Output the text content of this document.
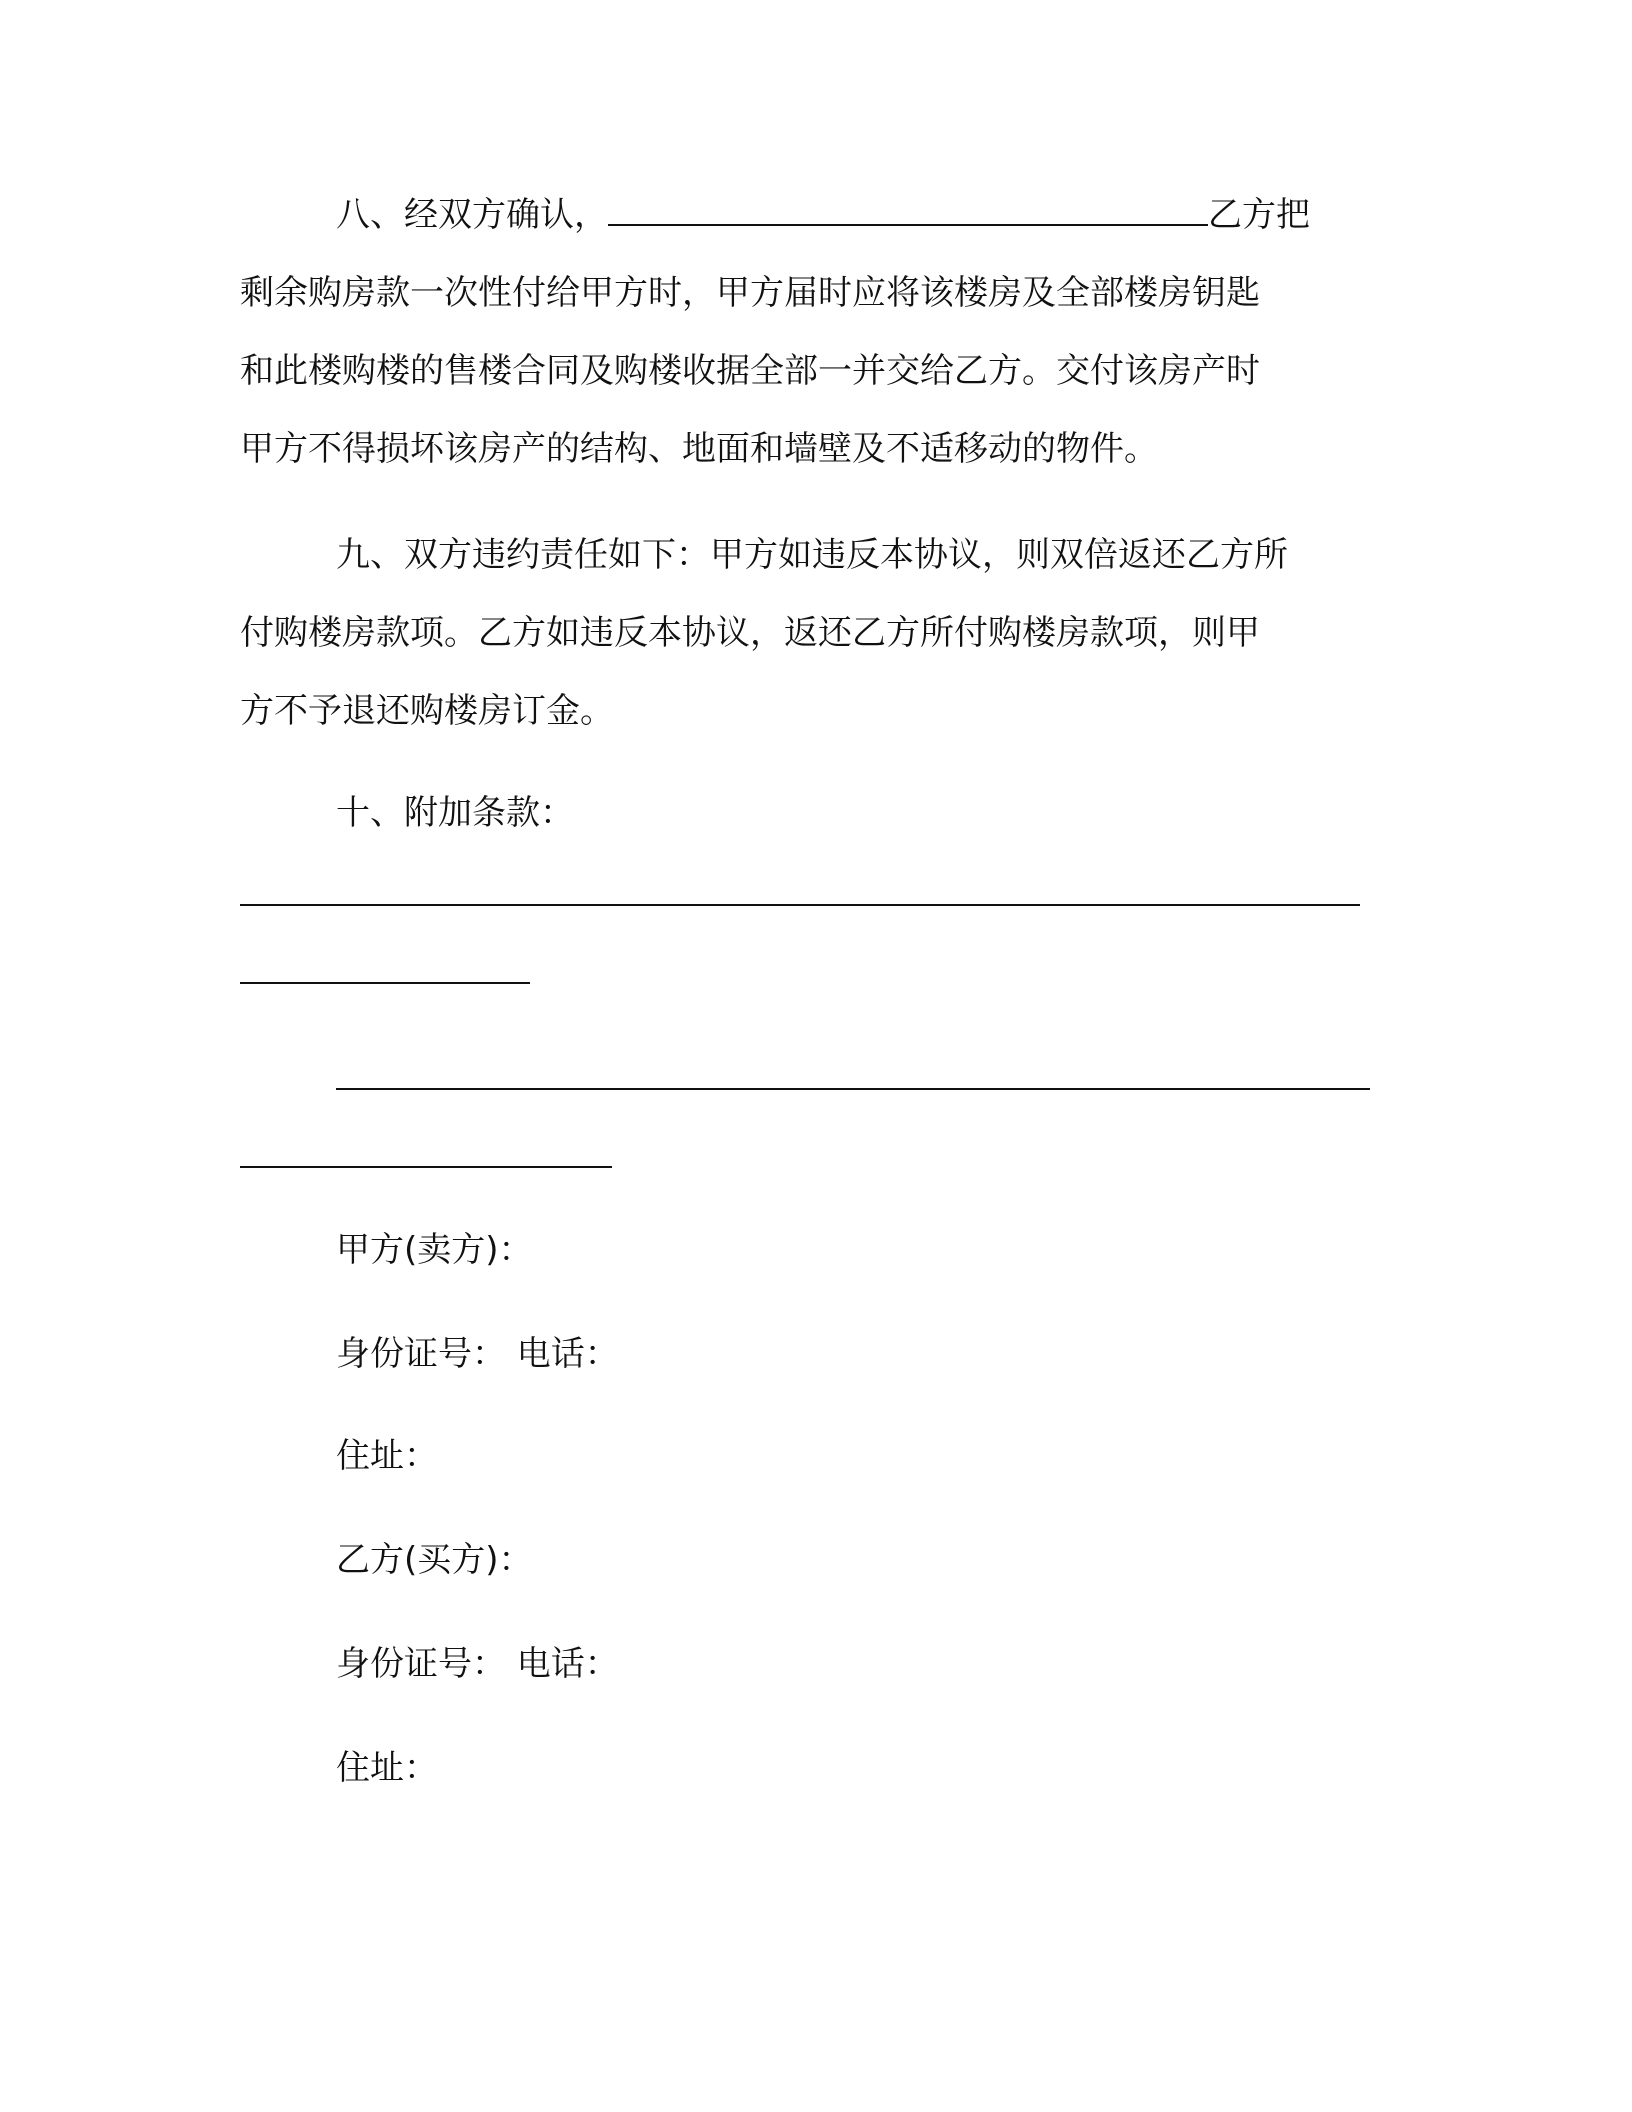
八、经双方确认，	乙方把
剩余购房款一次性付给甲方时，甲方届时应将该楼房及全部楼房钥匙
和此楼购楼的售楼合同及购楼收据全部一并交给乙方。交付该房产时
甲方不得损坏该房产的结构、地面和墙壁及不适移动的物件。
九、双方违约责任如下：甲方如违反本协议，则双倍返还乙方所
付购楼房款项。乙方如违反本协议，返还乙方所付购楼房款项，则甲
方不予退还购楼房订金。
十、附加条款：
甲方(卖方)：
身份证号： 电话：
住址：
乙方(买方)：
身份证号： 电话：
住址：
